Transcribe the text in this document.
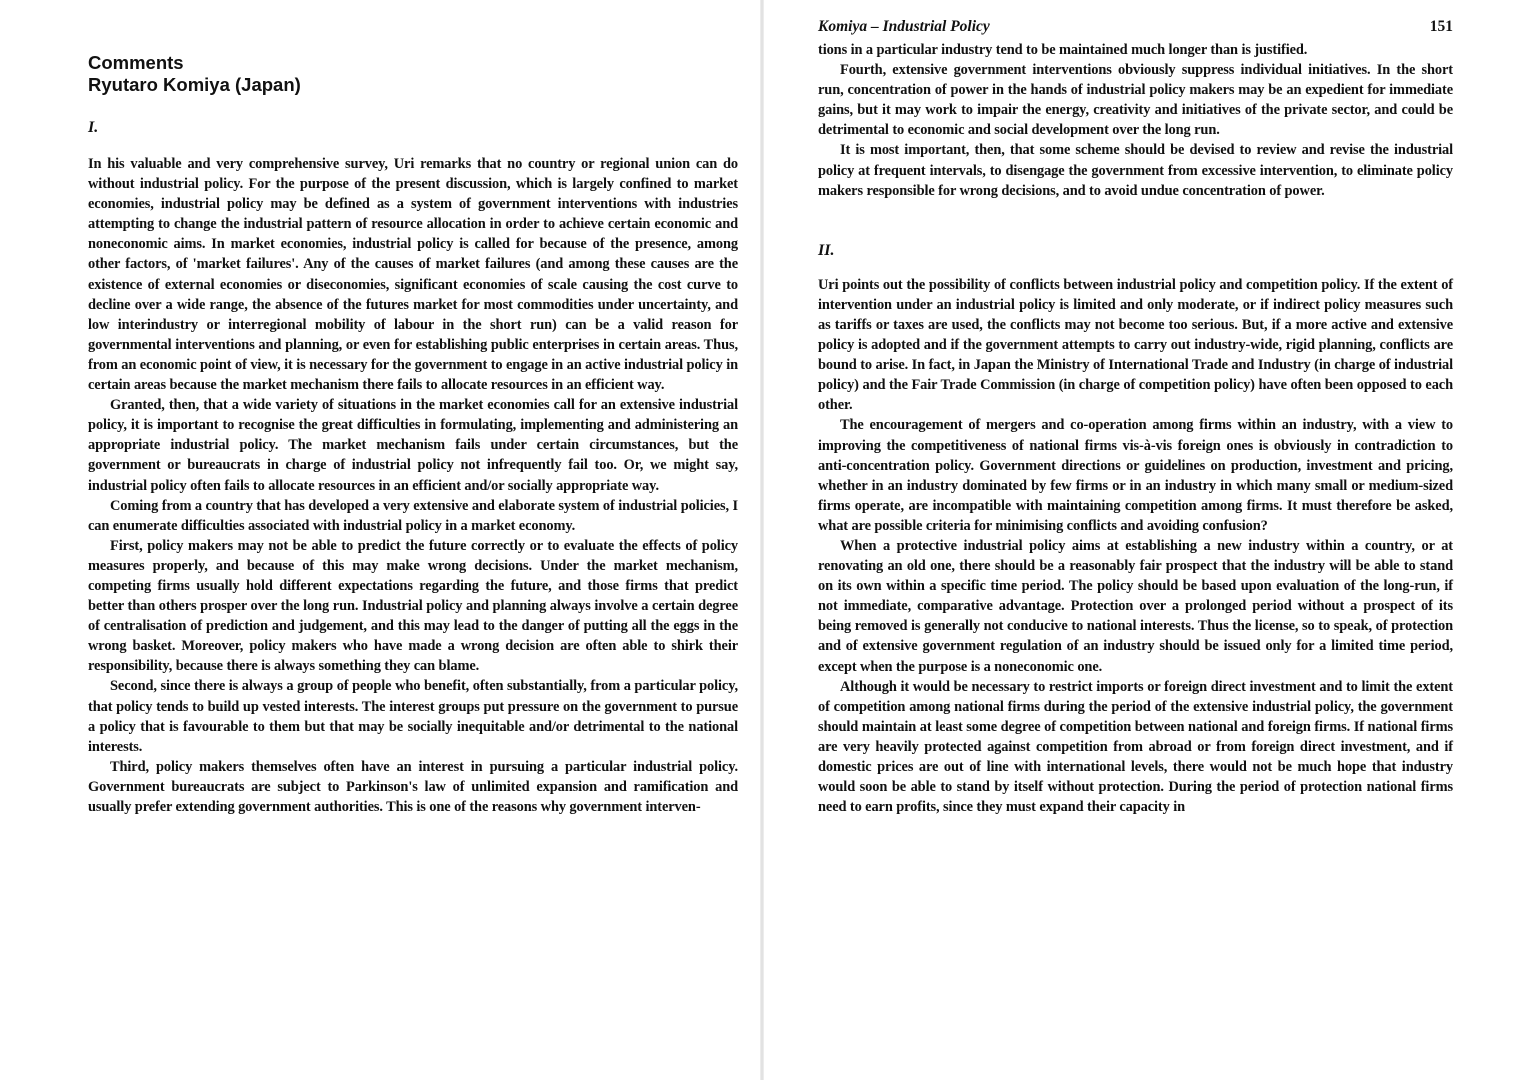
Comments
Ryutaro Komiya (Japan)

I.

In his valuable and very comprehensive survey, Uri remarks that no country or regional union can do without industrial policy. For the purpose of the present discussion, which is largely confined to market economies, industrial policy may be defined as a system of government interventions with industries attempting to change the industrial pattern of resource allocation in order to achieve certain economic and noneconomic aims. In market economies, industrial policy is called for because of the presence, among other factors, of 'market failures'. Any of the causes of market failures (and among these causes are the existence of external economies or diseconomies, significant economies of scale causing the cost curve to decline over a wide range, the absence of the futures market for most commodities under uncertainty, and low interindustry or interregional mobility of labour in the short run) can be a valid reason for governmental interventions and planning, or even for establishing public enterprises in certain areas. Thus, from an economic point of view, it is necessary for the government to engage in an active industrial policy in certain areas because the market mechanism there fails to allocate resources in an efficient way.

Granted, then, that a wide variety of situations in the market economies call for an extensive industrial policy, it is important to recognise the great difficulties in formulating, implementing and administering an appropriate industrial policy. The market mechanism fails under certain circumstances, but the government or bureaucrats in charge of industrial policy not infrequently fail too. Or, we might say, industrial policy often fails to allocate resources in an efficient and/or socially appropriate way.

Coming from a country that has developed a very extensive and elaborate system of industrial policies, I can enumerate difficulties associated with industrial policy in a market economy.

First, policy makers may not be able to predict the future correctly or to evaluate the effects of policy measures properly, and because of this may make wrong decisions. Under the market mechanism, competing firms usually hold different expectations regarding the future, and those firms that predict better than others prosper over the long run. Industrial policy and planning always involve a certain degree of centralisation of prediction and judgement, and this may lead to the danger of putting all the eggs in the wrong basket. Moreover, policy makers who have made a wrong decision are often able to shirk their responsibility, because there is always something they can blame.

Second, since there is always a group of people who benefit, often substantially, from a particular policy, that policy tends to build up vested interests. The interest groups put pressure on the government to pursue a policy that is favourable to them but that may be socially inequitable and/or detrimental to the national interests.

Third, policy makers themselves often have an interest in pursuing a particular industrial policy. Government bureaucrats are subject to Parkinson's law of unlimited expansion and ramification and usually prefer extending government authorities. This is one of the reasons why government interven-

Komiya – Industrial Policy	151

tions in a particular industry tend to be maintained much longer than is justified.

Fourth, extensive government interventions obviously suppress individual initiatives. In the short run, concentration of power in the hands of industrial policy makers may be an expedient for immediate gains, but it may work to impair the energy, creativity and initiatives of the private sector, and could be detrimental to economic and social development over the long run.

It is most important, then, that some scheme should be devised to review and revise the industrial policy at frequent intervals, to disengage the government from excessive intervention, to eliminate policy makers responsible for wrong decisions, and to avoid undue concentration of power.

II.

Uri points out the possibility of conflicts between industrial policy and competition policy. If the extent of intervention under an industrial policy is limited and only moderate, or if indirect policy measures such as tariffs or taxes are used, the conflicts may not become too serious. But, if a more active and extensive policy is adopted and if the government attempts to carry out industry-wide, rigid planning, conflicts are bound to arise. In fact, in Japan the Ministry of International Trade and Industry (in charge of industrial policy) and the Fair Trade Commission (in charge of competition policy) have often been opposed to each other.

The encouragement of mergers and co-operation among firms within an industry, with a view to improving the competitiveness of national firms vis-à-vis foreign ones is obviously in contradiction to anti-concentration policy. Government directions or guidelines on production, investment and pricing, whether in an industry dominated by few firms or in an industry in which many small or medium-sized firms operate, are incompatible with maintaining competition among firms. It must therefore be asked, what are possible criteria for minimising conflicts and avoiding confusion?

When a protective industrial policy aims at establishing a new industry within a country, or at renovating an old one, there should be a reasonably fair prospect that the industry will be able to stand on its own within a specific time period. The policy should be based upon evaluation of the long-run, if not immediate, comparative advantage. Protection over a prolonged period without a prospect of its being removed is generally not conducive to national interests. Thus the license, so to speak, of protection and of extensive government regulation of an industry should be issued only for a limited time period, except when the purpose is a noneconomic one.

Although it would be necessary to restrict imports or foreign direct investment and to limit the extent of competition among national firms during the period of the extensive industrial policy, the government should maintain at least some degree of competition between national and foreign firms. If national firms are very heavily protected against competition from abroad or from foreign direct investment, and if domestic prices are out of line with international levels, there would not be much hope that industry would soon be able to stand by itself without protection. During the period of protection national firms need to earn profits, since they must expand their capacity in
